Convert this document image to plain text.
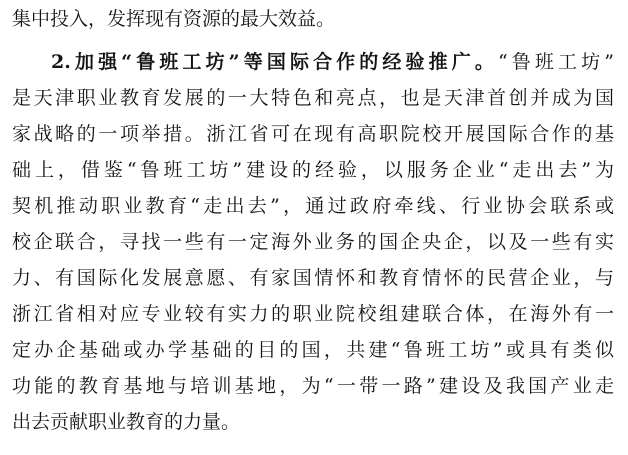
集中投入，发挥现有资源的最大效益。
2.加强“鲁班工坊”等国际合作的经验推广。“鲁班工坊”
是天津职业教育发展的一大特色和亮点，也是天津首创并成为国
家战略的一项举措。浙江省可在现有高职院校开展国际合作的基
础上，借鉴“鲁班工坊”建设的经验，以服务企业“走出去”为
契机推动职业教育“走出去”，通过政府牵线、行业协会联系或
校企联合，寻找一些有一定海外业务的国企央企，以及一些有实
力、有国际化发展意愿、有家国情怀和教育情怀的民营企业，与
浙江省相对应专业较有实力的职业院校组建联合体，在海外有一
定办企基础或办学基础的目的国，共建“鲁班工坊”或具有类似
功能的教育基地与培训基地，为“一带一路”建设及我国产业走
出去贡献职业教育的力量。
